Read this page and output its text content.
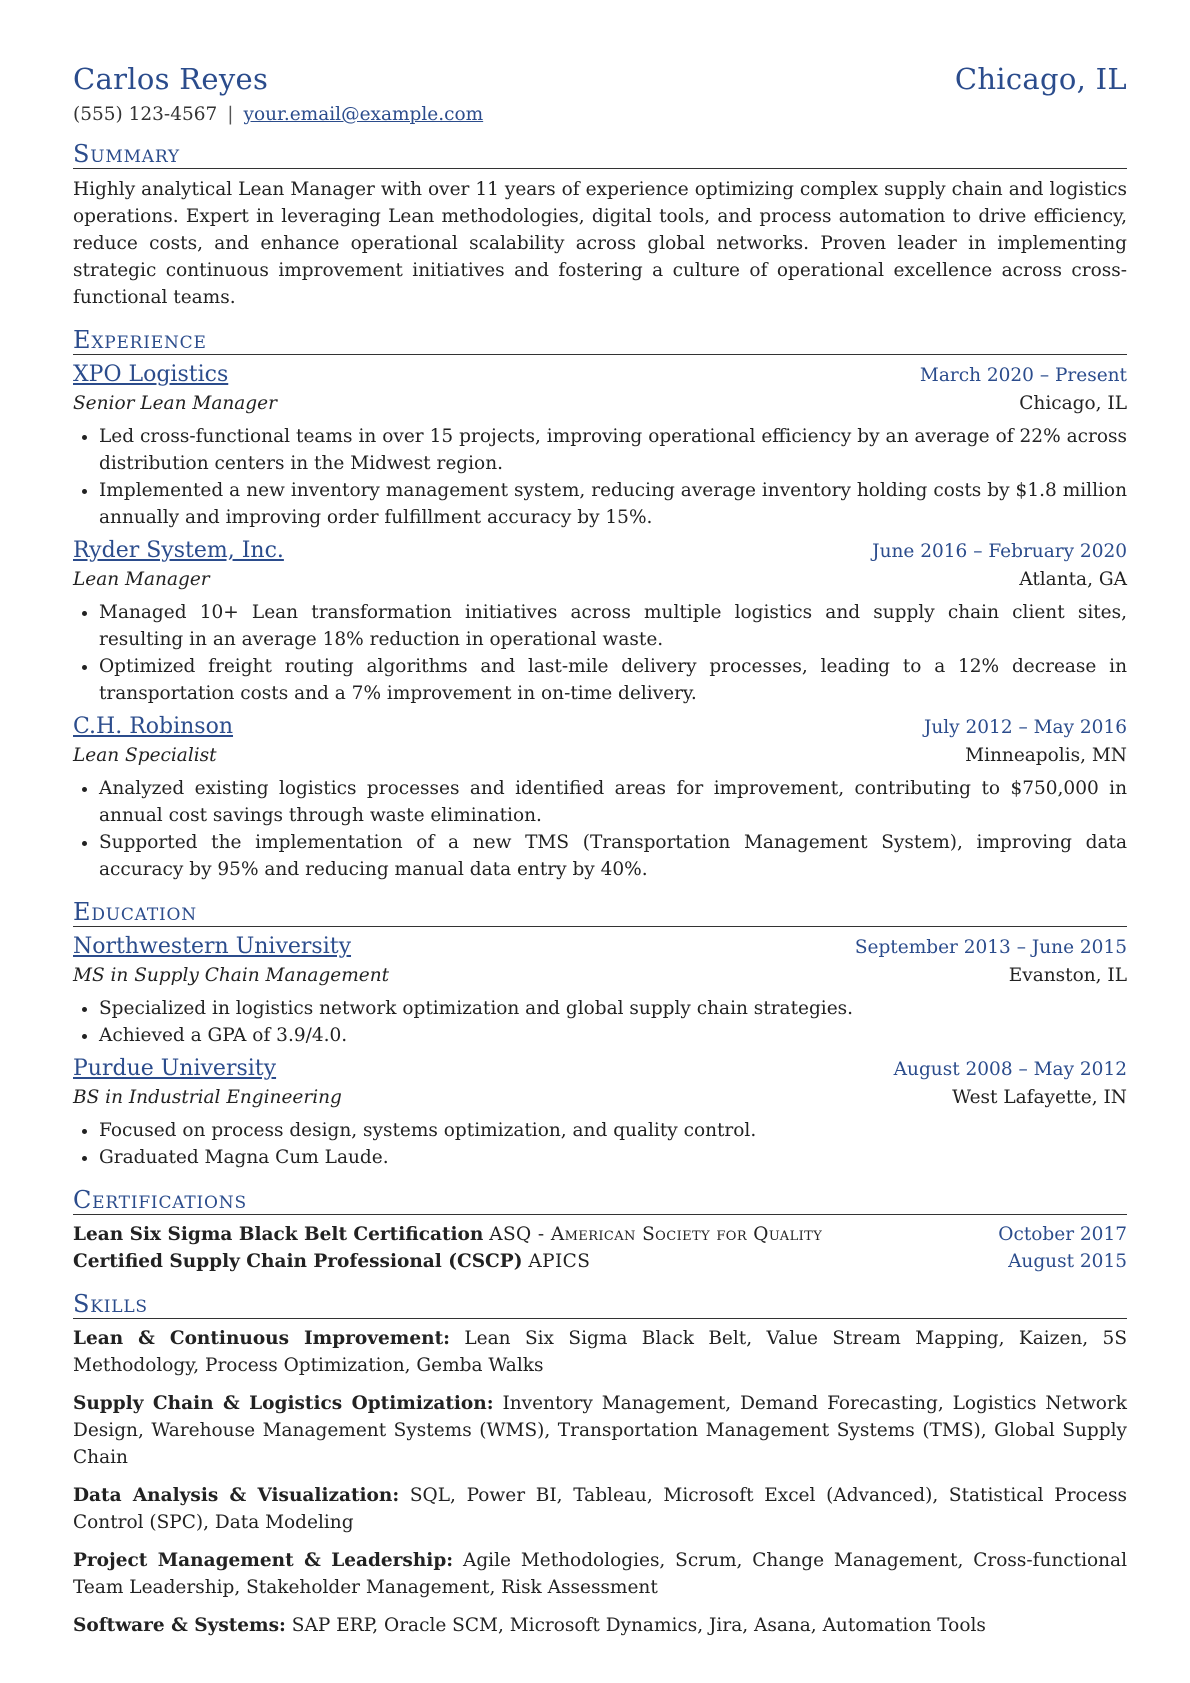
Carlos Reyes	Chicago, IL
(555) 123-4567 | your.email@example.com
Summary
Highly analytical Lean Manager with over 11 years of experience optimizing complex supply chain and logistics operations. Expert in leveraging Lean methodologies, digital tools, and process automation to drive efficiency, reduce costs, and enhance operational scalability across global networks. Proven leader in implementing strategic continuous improvement initiatives and fostering a culture of operational excellence across cross-functional teams.
Experience
XPO Logistics	March 2020 – Present
Senior Lean Manager	Chicago, IL
• Led cross-functional teams in over 15 projects, improving operational efficiency by an average of 22% across distribution centers in the Midwest region.
• Implemented a new inventory management system, reducing average inventory holding costs by $1.8 million annually and improving order fulfillment accuracy by 15%.
Ryder System, Inc.	June 2016 – February 2020
Lean Manager	Atlanta, GA
• Managed 10+ Lean transformation initiatives across multiple logistics and supply chain client sites, resulting in an average 18% reduction in operational waste.
• Optimized freight routing algorithms and last-mile delivery processes, leading to a 12% decrease in transportation costs and a 7% improvement in on-time delivery.
C.H. Robinson	July 2012 – May 2016
Lean Specialist	Minneapolis, MN
• Analyzed existing logistics processes and identified areas for improvement, contributing to $750,000 in annual cost savings through waste elimination.
• Supported the implementation of a new TMS (Transportation Management System), improving data accuracy by 95% and reducing manual data entry by 40%.
Education
Northwestern University	September 2013 – June 2015
MS in Supply Chain Management	Evanston, IL
• Specialized in logistics network optimization and global supply chain strategies.
• Achieved a GPA of 3.9/4.0.
Purdue University	August 2008 – May 2012
BS in Industrial Engineering	West Lafayette, IN
• Focused on process design, systems optimization, and quality control.
• Graduated Magna Cum Laude.
Certifications
Lean Six Sigma Black Belt Certification ASQ - American Society for Quality	October 2017
Certified Supply Chain Professional (CSCP) APICS	August 2015
Skills
Lean & Continuous Improvement: Lean Six Sigma Black Belt, Value Stream Mapping, Kaizen, 5S Methodology, Process Optimization, Gemba Walks
Supply Chain & Logistics Optimization: Inventory Management, Demand Forecasting, Logistics Network Design, Warehouse Management Systems (WMS), Transportation Management Systems (TMS), Global Supply Chain
Data Analysis & Visualization: SQL, Power BI, Tableau, Microsoft Excel (Advanced), Statistical Process Control (SPC), Data Modeling
Project Management & Leadership: Agile Methodologies, Scrum, Change Management, Cross-functional Team Leadership, Stakeholder Management, Risk Assessment
Software & Systems: SAP ERP, Oracle SCM, Microsoft Dynamics, Jira, Asana, Automation Tools
